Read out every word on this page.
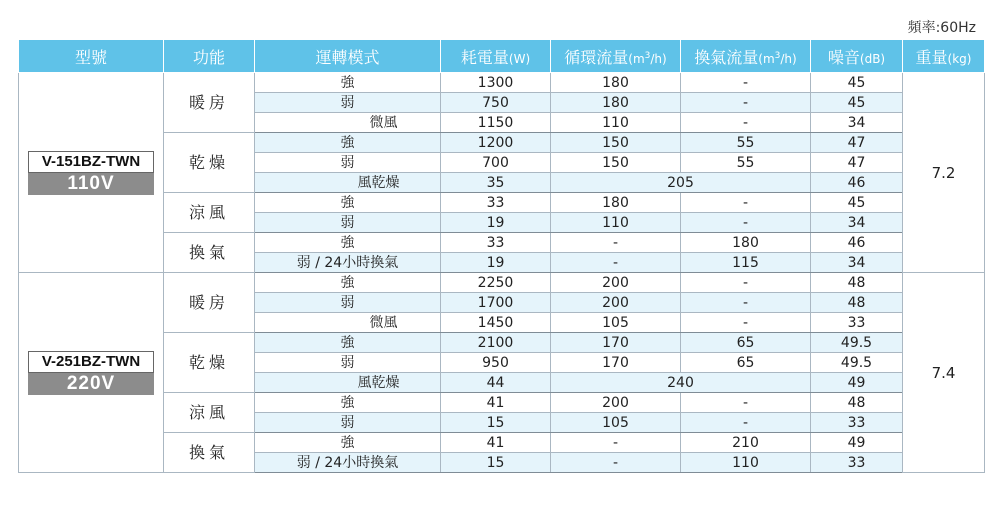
頻率:60Hz
型號	功能	運轉模式	耗電量(W)	循環流量$(m^3/h)$	換氣流量$(m^3/h)$	噪音(dB)	重量(kg)
V-151BZ-TWN
110V	暖房	強	1300	180	-	45	7.2
		弱	750	180	-	45	
		微風	1150	110	-	34	
	乾燥	強	1200	150	55	47	
		弱	700	150	55	47	
		風乾燥	35	205		46	
	涼風	強	33	180	-	45	
		弱	19	110	-	34	
	換氣	強	33	-	180	46	
		弱 / 24小時換氣	19	-	115	34	
V-251BZ-TWN
220V	暖房	強	2250	200	-	48	7.4
		弱	1700	200	-	48	
		微風	1450	105	-	33	
	乾燥	強	2100	170	65	49.5	
		弱	950	170	65	49.5	
		風乾燥	44	240		49	
	涼風	強	41	200	-	48	
		弱	15	105	-	33	
	換氣	強	41	-	210	49	
		弱 / 24小時換氣	15	-	110	33	
